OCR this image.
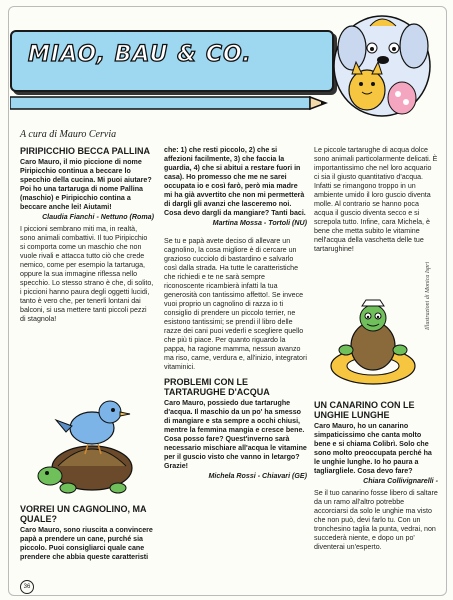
MIAO, BAU & CO.
A cura di Mauro Cervia
PIRIPICCHIO BECCA PALLINA

Caro Mauro, il mio piccione di nome Piripicchio continua a beccare lo specchio della cucina. Mi puoi aiutare? Poi ho una tartaruga di nome Pallina (maschio) e Piripicchio contina a beccare anche lei! Aiutami!

Claudia Fianchi - Nettuno (Roma)

I piccioni sembrano miti ma, in realtà, sono animali combattivi. Il tuo Piripicchio si comporta come un maschio che non vuole rivali e attacca tutto ciò che crede nemico, come per esempio la tartaruga, oppure la sua immagine riflessa nello specchio. Lo stesso strano è che, di solito, i piccioni hanno paura degli oggetti lucidi, tanto è vero che, per tenerli lontani dai balconi, si usa mettere tanti piccoli pezzi di stagnola!

VORREI UN CAGNOLINO, MA QUALE?

Caro Mauro, sono riuscita a convincere papà a prendere un cane, purché sia piccolo. Puoi consigliarci quale cane prendere che abbia queste caratteristi

che: 1) che resti piccolo, 2) che si affezioni facilmente, 3) che faccia la guardia, 4) che si abitui a restare fuori in casa). Ho promesso che me ne sarei occupata io e così farò, però mia madre mi ha già avvertito che non mi permetterà di dargli gli avanzi che lasceremo noi. Cosa devo dargli da mangiare? Tanti baci.

Martina Mossa - Tortoli (NU)

Se tu e papà avete deciso di allevare un cagnolino, la cosa migliore è di cercare un grazioso cucciolo di bastardino e salvarlo così dalla strada. Ha tutte le caratteristiche che richiedi e te ne sarà sempre riconoscente ricambierà infatti la tua generosità con tantissimo affetto!. Se invece vuoi proprio un cagnolino di razza io ti consiglio di prendere un piccolo terrier, ne esistono tantissimi; se prendi il libro delle razze dei cani puoi vederli e scegliere quello che più ti piace. Per quanto riguardo la pappa, ha ragione mamma, nessun avanzo ma riso, carne, verdura e, all'inizio, integratori vitaminici.

PROBLEMI CON LE TARTARUGHE D'ACQUA

Caro Mauro, possiedo due tartarughe d'acqua. Il maschio da un po' ha smesso di mangiare e sta sempre a occhi chiusi, mentre la femmina mangia e cresce bene. Cosa posso fare? Quest'inverno sarà necessario mischiare all'acqua le vitamine per il guscio visto che vanno in letargo? Grazie!

Michela Rossi - Chiavari (GE)

Le piccole tartarughe di acqua dolce sono animali particolarmente delicati. È importantissimo che nel loro acquario ci sia il giusto quantitativo d'acqua. Infatti se rimangono troppo in un ambiente umido il loro guscio diventa molle. Al contrario se hanno poca acqua il guscio diventa secco e si screpola tutto. Infine, cara Michela, è bene che metta subito le vitamine nell'acqua della vaschetta delle tue tartarughine!

Illustrazioni di Monica Ispri
UN CANARINO CON LE UNGHIE LUNGHE

Caro Mauro, ho un canarino simpaticissimo che canta molto bene e si chiama Colibrì. Solo che sono molto preoccupata perché ha le unghie lunghe. Io ho paura a tagliargliele. Cosa devo fare?

Chiara Collivignarelli -

Se il tuo canarino fosse libero di saltare da un ramo all'altro potrebbe accorciarsi da solo le unghie ma visto che non può, devi farlo tu. Con un tronchesino taglia la punta, vedrai, non succederà niente, e dopo un po' diventerai un'esperto.

36
